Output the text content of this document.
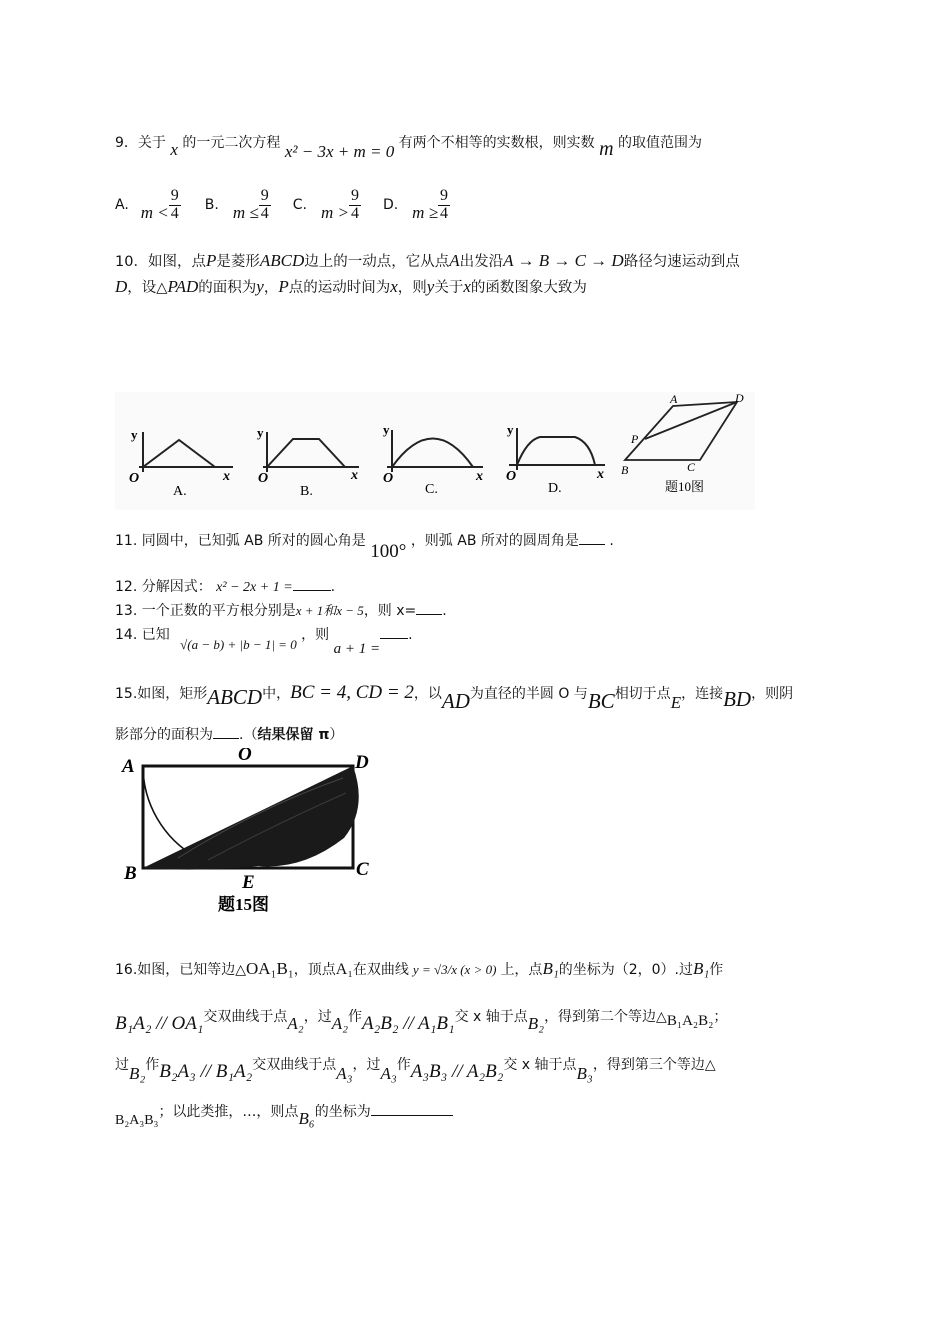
9．关于 x 的一元二次方程 x² − 3x + m = 0 有两个不相等的实数根，则实数 m 的取值范围为
A. $m < \frac{9}{4} B$. $m \le \frac{9}{4} C$. $m > \frac{9}{4} D$. $m \ge \frac{9}{4}$
10．如图，点P是菱形ABCD边上的一动点，它从点A出发沿A → B → C → D路径匀速运动到点
D，设△PAD的面积为y，P点的运动时间为x，则y关于x的函数图象大致为
y
x
O
A.
y
x
O
B.
y
x
O
C.
y
x
O
D.
A	D
P
B	C
题10图
11. 同圆中，已知弧 AB 所对的圆心角是 100° ，则弧 AB 所对的圆周角是 .
12. 分解因式： x² − 2x + 1 =	.
13. 一个正数的平方根分别是x + 1和x − 5，则 x= .
14. 已知 √(a − b) + |b − 1| = 0 ，则 a + 1 =.
15.如图，矩形ABCD中，BC = 4, CD = 2，以AD为直径的半圆 O 与BC相切于点E，连接BD，则阴
影部分的面积为 .（结果保留 π）
A
O	D
B	C
E
题15图
16.如图，已知等边△OA₁B₁，顶点A₁在双曲线 y = √3/x (x > 0) 上，点B₁的坐标为（2，0）.过B₁作
B₁A₂ // OA₁交双曲线于点A₂，过A₂作A₂B₂ // A₁B₁交 x 轴于点B₂，得到第二个等边△B₁A₂B₂；
过B₂作B₂A₃ // B₁A₂交双曲线于点A₃，过A₃作A₃B₃ // A₂B₂交 x 轴于点B₃，得到第三个等边△
B₂A₃B₃；以此类推，…，则点B₆的坐标为
